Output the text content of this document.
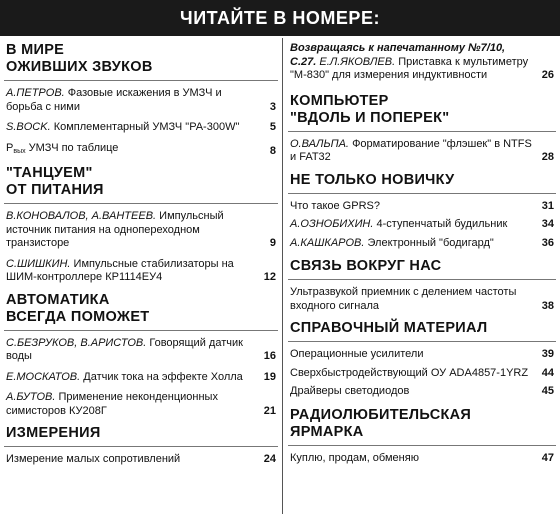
ЧИТАЙТЕ В НОМЕРЕ:
В МИРЕ
ОЖИВШИХ ЗВУКОВ
А.ПЕТРОВ. Фазовые искажения в УМЗЧ и борьба с ними	3
S.BOCK. Комплементарный УМЗЧ "PA-300W"	5
$P_{вых}$ УМЗЧ по таблице	8
"ТАНЦУЕМ"
ОТ ПИТАНИЯ
В.КОНОВАЛОВ, А.ВАНТЕЕВ. Импульсный источник питания на однопереходном транзисторе	9
С.ШИШКИН. Импульсные стабилизаторы на ШИМ-контроллере КР1114ЕУ4	12
АВТОМАТИКА
ВСЕГДА ПОМОЖЕТ
С.БЕЗРУКОВ, В.АРИСТОВ. Говорящий датчик воды	16
Е.МОСКАТОВ. Датчик тока на эффекте Холла 19
А.БУТОВ. Применение неконденционных симисторов КУ208Г	21
ИЗМЕРЕНИЯ
Измерение малых сопротивлений	24
Возвращаясь к напечатанному №7/10, С.27. Е.Л.ЯКОВЛЕВ. Приставка к мультиметру "М-830" для измерения индуктивности	26
КОМПЬЮТЕР
"ВДОЛЬ И ПОПЕРЕК"
О.ВАЛЬПА. Форматирование "флэшек" в NTFS и FAT32	28
НЕ ТОЛЬКО НОВИЧКУ
Что такое GPRS?	31
А.ОЗНОБИХИН. 4-ступенчатый будильник	34
А.КАШКАРОВ. Электронный "бодигард"	36
СВЯЗЬ ВОКРУГ НАС
Ультразвукой приемник с делением частоты входного сигнала	38
СПРАВОЧНЫЙ МАТЕРИАЛ
Операционные усилители	39
Сверхбыстродействующий ОУ ADA4857-1YRZ 44
Драйверы светодиодов	45
РАДИОЛЮБИТЕЛЬСКАЯ
ЯРМАРКА
Куплю, продам, обменяю	47
